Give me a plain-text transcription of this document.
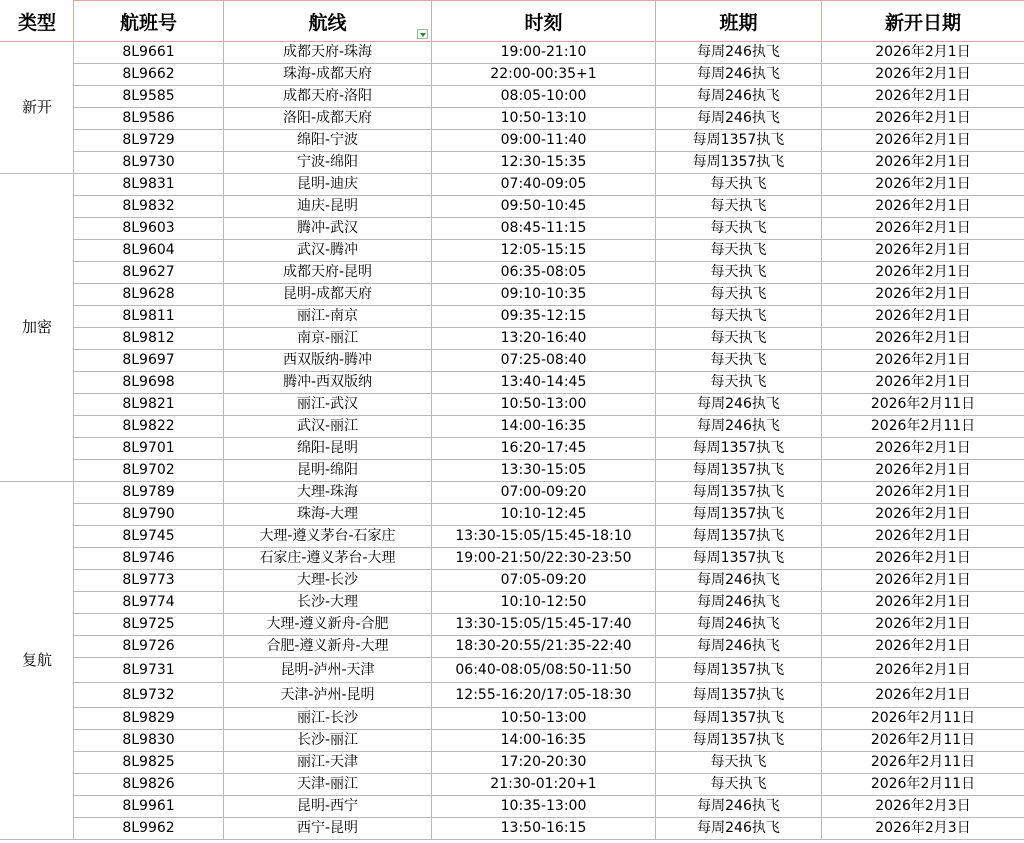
类型	航班号	航线	时刻	班期	新开日期
新开	8L9661	成都天府-珠海	19:00-21:10	每周246执飞	2026年2月1日
	8L9662	珠海-成都天府	22:00-00:35+1	每周246执飞	2026年2月1日
	8L9585	成都天府-洛阳	08:05-10:00	每周246执飞	2026年2月1日
	8L9586	洛阳-成都天府	10:50-13:10	每周246执飞	2026年2月1日
	8L9729	绵阳-宁波	09:00-11:40	每周1357执飞	2026年2月1日
	8L9730	宁波-绵阳	12:30-15:35	每周1357执飞	2026年2月1日
加密	8L9831	昆明-迪庆	07:40-09:05	每天执飞	2026年2月1日
	8L9832	迪庆-昆明	09:50-10:45	每天执飞	2026年2月1日
	8L9603	腾冲-武汉	08:45-11:15	每天执飞	2026年2月1日
	8L9604	武汉-腾冲	12:05-15:15	每天执飞	2026年2月1日
	8L9627	成都天府-昆明	06:35-08:05	每天执飞	2026年2月1日
	8L9628	昆明-成都天府	09:10-10:35	每天执飞	2026年2月1日
	8L9811	丽江-南京	09:35-12:15	每天执飞	2026年2月1日
	8L9812	南京-丽江	13:20-16:40	每天执飞	2026年2月1日
	8L9697	西双版纳-腾冲	07:25-08:40	每天执飞	2026年2月1日
	8L9698	腾冲-西双版纳	13:40-14:45	每天执飞	2026年2月1日
	8L9821	丽江-武汉	10:50-13:00	每周246执飞	2026年2月11日
	8L9822	武汉-丽江	14:00-16:35	每周246执飞	2026年2月11日
	8L9701	绵阳-昆明	16:20-17:45	每周1357执飞	2026年2月1日
	8L9702	昆明-绵阳	13:30-15:05	每周1357执飞	2026年2月1日
复航	8L9789	大理-珠海	07:00-09:20	每周1357执飞	2026年2月1日
	8L9790	珠海-大理	10:10-12:45	每周1357执飞	2026年2月1日
	8L9745	大理-遵义茅台-石家庄	13:30-15:05/15:45-18:10	每周1357执飞	2026年2月1日
	8L9746	石家庄-遵义茅台-大理	19:00-21:50/22:30-23:50	每周1357执飞	2026年2月1日
	8L9773	大理-长沙	07:05-09:20	每周246执飞	2026年2月1日
	8L9774	长沙-大理	10:10-12:50	每周246执飞	2026年2月1日
	8L9725	大理-遵义新舟-合肥	13:30-15:05/15:45-17:40	每周246执飞	2026年2月1日
	8L9726	合肥-遵义新舟-大理	18:30-20:55/21:35-22:40	每周246执飞	2026年2月1日
	8L9731	昆明-泸州-天津	06:40-08:05/08:50-11:50	每周1357执飞	2026年2月1日
	8L9732	天津-泸州-昆明	12:55-16:20/17:05-18:30	每周1357执飞	2026年2月1日
	8L9829	丽江-长沙	10:50-13:00	每周1357执飞	2026年2月11日
	8L9830	长沙-丽江	14:00-16:35	每周1357执飞	2026年2月11日
	8L9825	丽江-天津	17:20-20:30	每天执飞	2026年2月11日
	8L9826	天津-丽江	21:30-01:20+1	每天执飞	2026年2月11日
	8L9961	昆明-西宁	10:35-13:00	每周246执飞	2026年2月3日
	8L9962	西宁-昆明	13:50-16:15	每周246执飞	2026年2月3日
